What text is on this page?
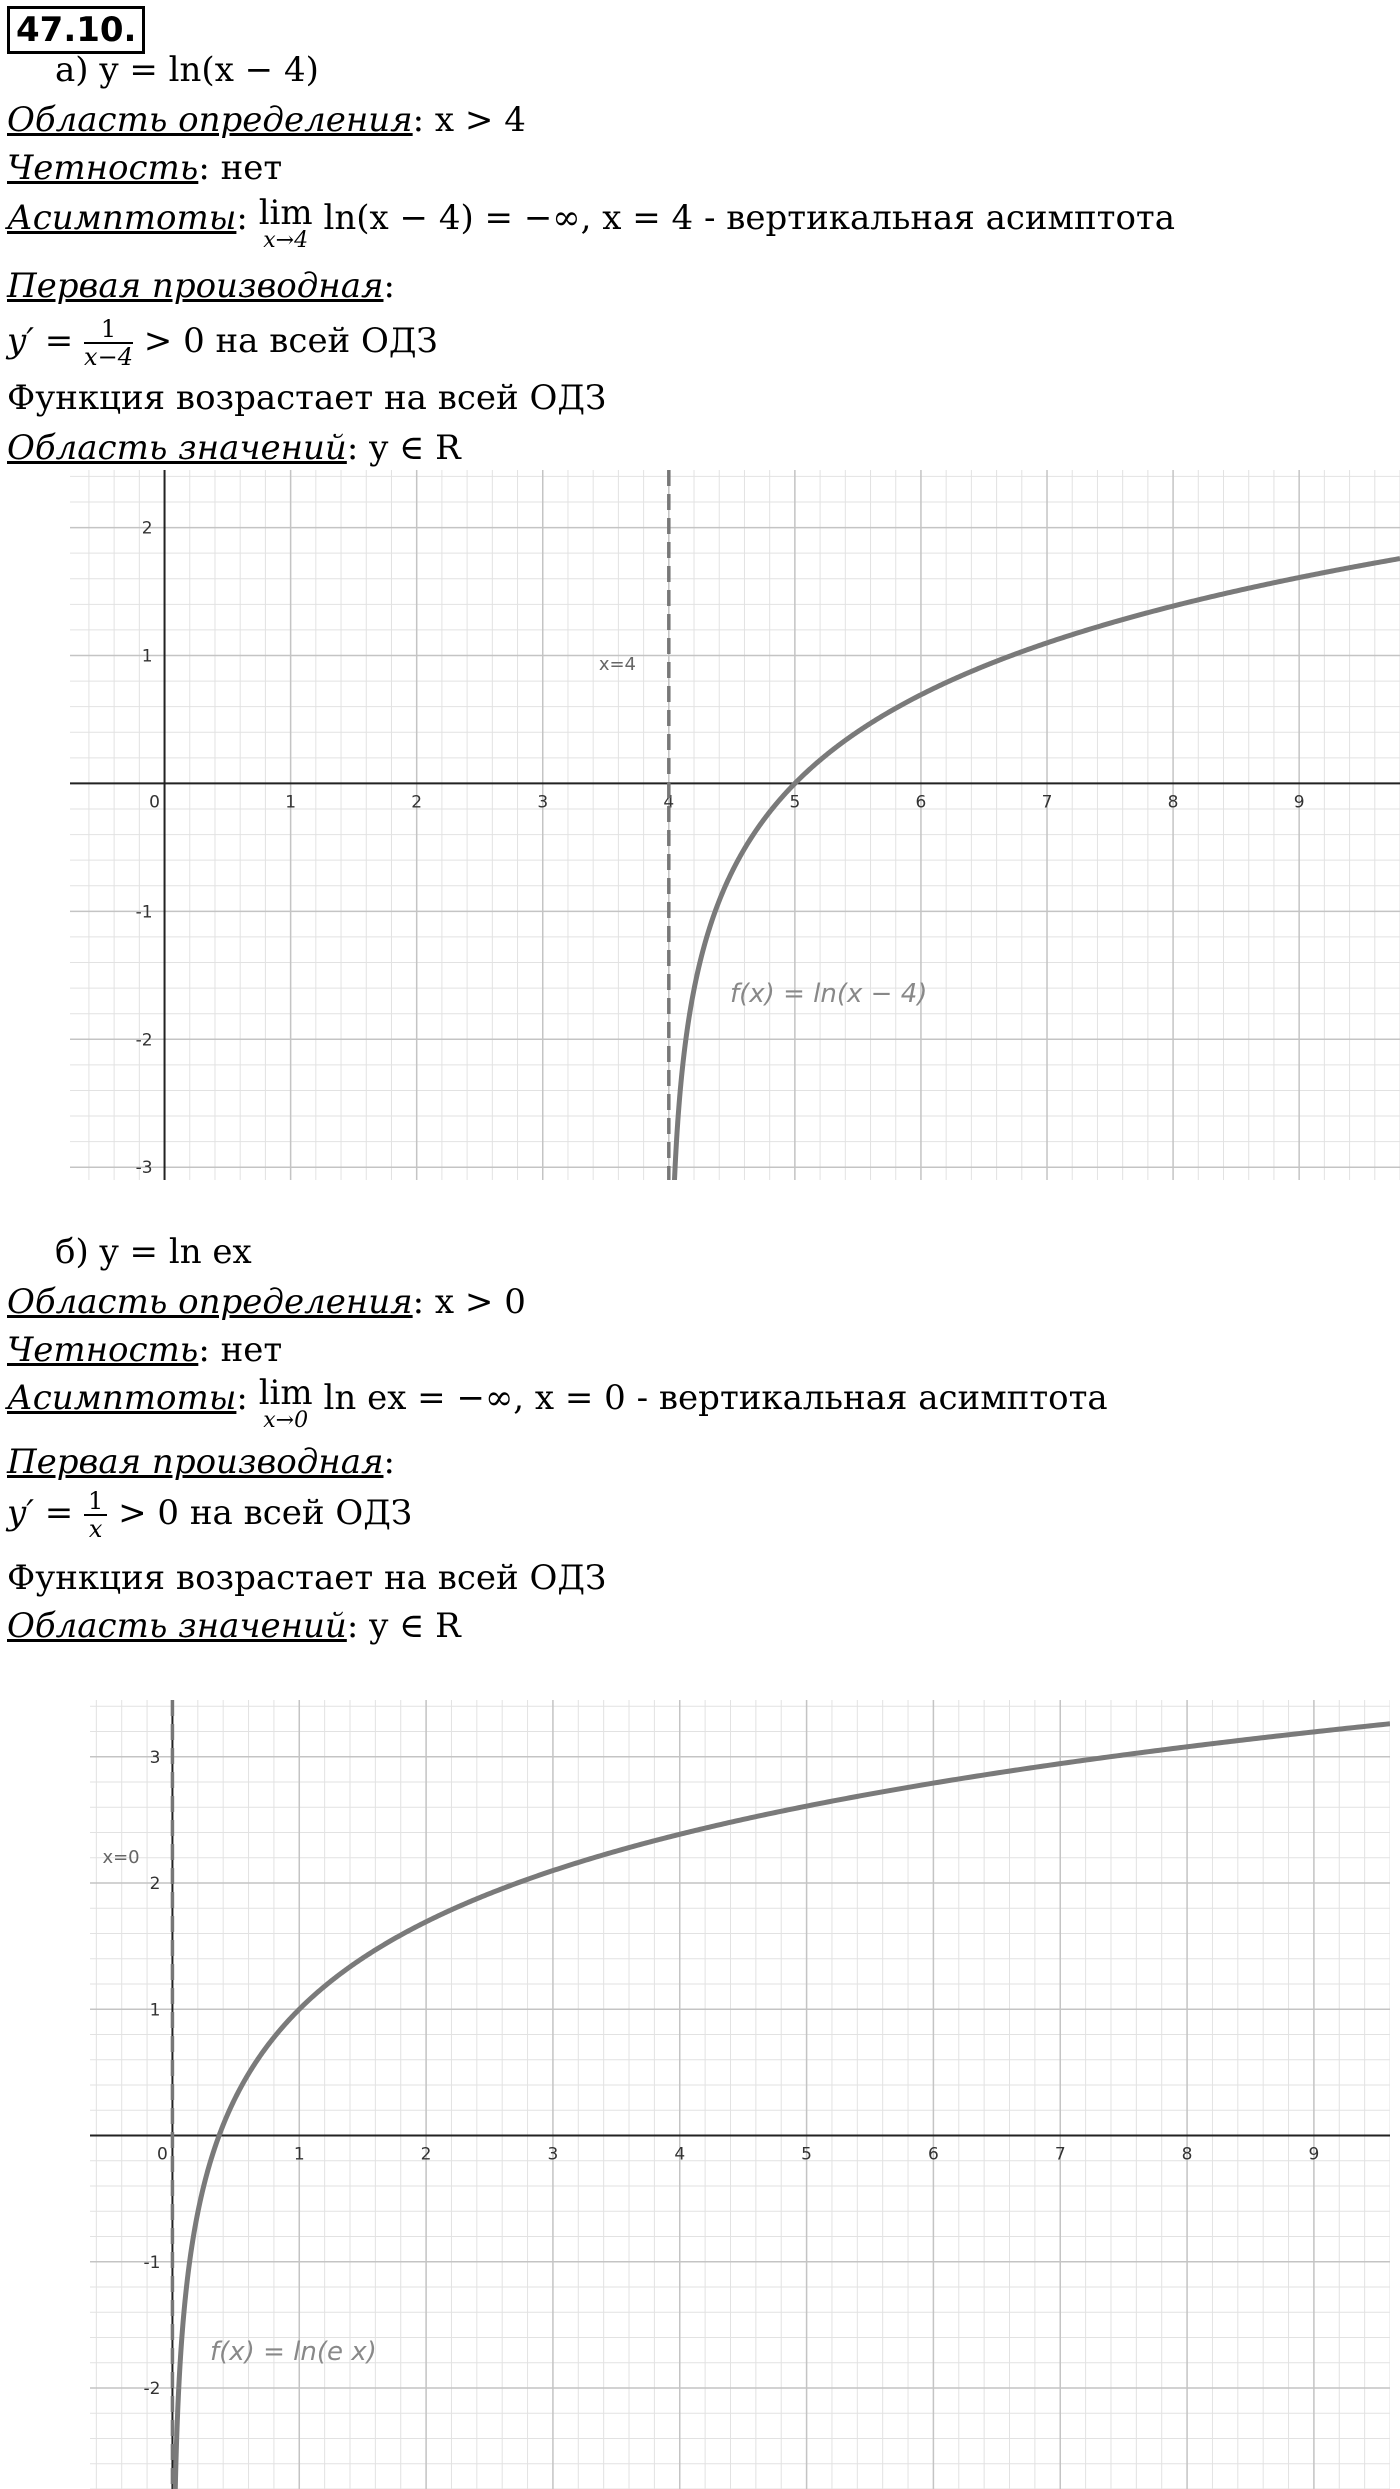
47.10.
а) y = ln(x − 4)
Область определения: x > 4
Четность: нет
Асимптоты: lim
x→4
ln(x − 4) = −∞, x = 4 - вертикальная асимптота
Первая производная:
$y' = \frac{1}{x-4} > 0$ на всей ОДЗ
Функция возрастает на всей ОДЗ
Область значений: y ∈ R
0	1	2	3	4	5	6	7	8	9
-3
-2
-1
1
2
x=4
f(x) = ln(x − 4)
б) y = ln ex
Область определения: x > 0
Четность: нет
Асимптоты: lim
x→0
ln ex = −∞, x = 0 - вертикальная асимптота
Первая производная:
$y' = \frac{1}{x} > 0$ на всей ОДЗ
Функция возрастает на всей ОДЗ
Область значений: y ∈ R
0	1	2	3	4	5	6	7	8	9
-2
-1
1
2
3
x=0
f(x) = ln(e x)
